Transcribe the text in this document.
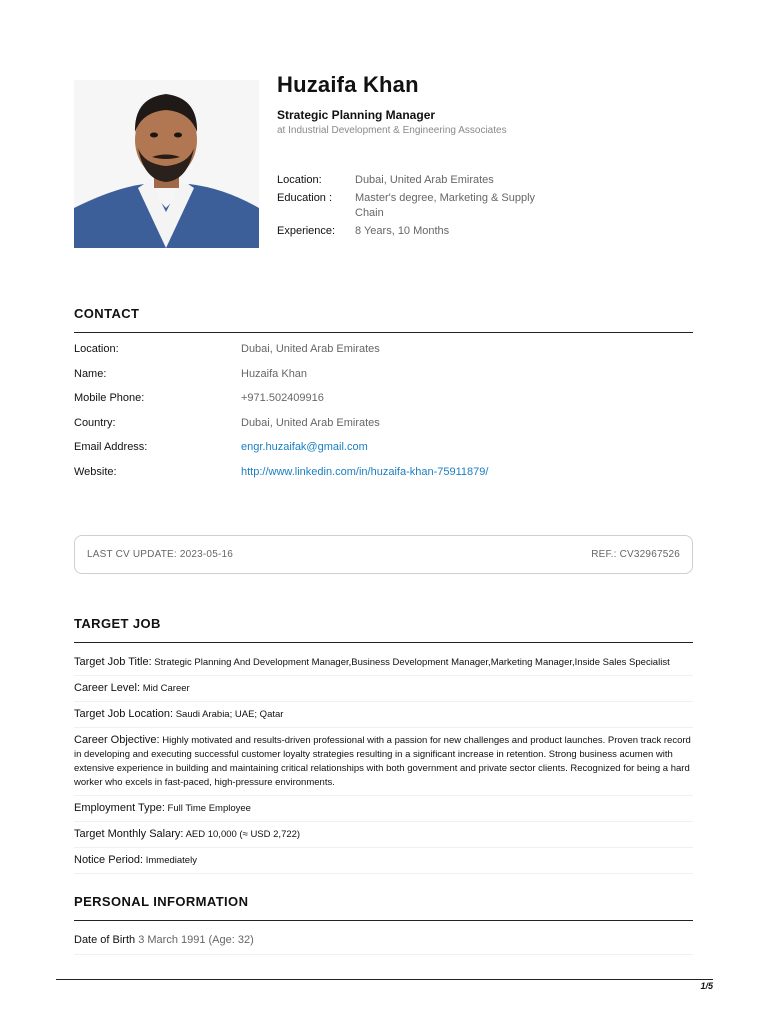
Huzaifa Khan
Strategic Planning Manager
at Industrial Development & Engineering Associates
Location:	Dubai, United Arab Emirates
Education :	Master's degree, Marketing & Supply Chain
Experience:	8 Years, 10 Months
CONTACT
Location:	Dubai, United Arab Emirates
Name:	Huzaifa Khan
Mobile Phone:	+971.502409916
Country:	Dubai, United Arab Emirates
Email Address:	engr.huzaifak@gmail.com
Website:	http://www.linkedin.com/in/huzaifa-khan-75911879/
LAST CV UPDATE: 2023-05-16	REF.: CV32967526
TARGET JOB
Target Job Title: Strategic Planning And Development Manager,Business Development Manager,Marketing Manager,Inside Sales Specialist
Career Level: Mid Career
Target Job Location: Saudi Arabia; UAE; Qatar
Career Objective: Highly motivated and results-driven professional with a passion for new challenges and product launches. Proven track record in developing and executing successful customer loyalty strategies resulting in a significant increase in retention. Strong business acumen with extensive experience in building and maintaining critical relationships with both government and private sector clients. Recognized for being a hard worker who excels in fast-paced, high-pressure environments.
Employment Type: Full Time Employee
Target Monthly Salary: AED 10,000 (≈ USD 2,722)
Notice Period: Immediately
PERSONAL INFORMATION
Date of Birth 3 March 1991 (Age: 32)
1/5
